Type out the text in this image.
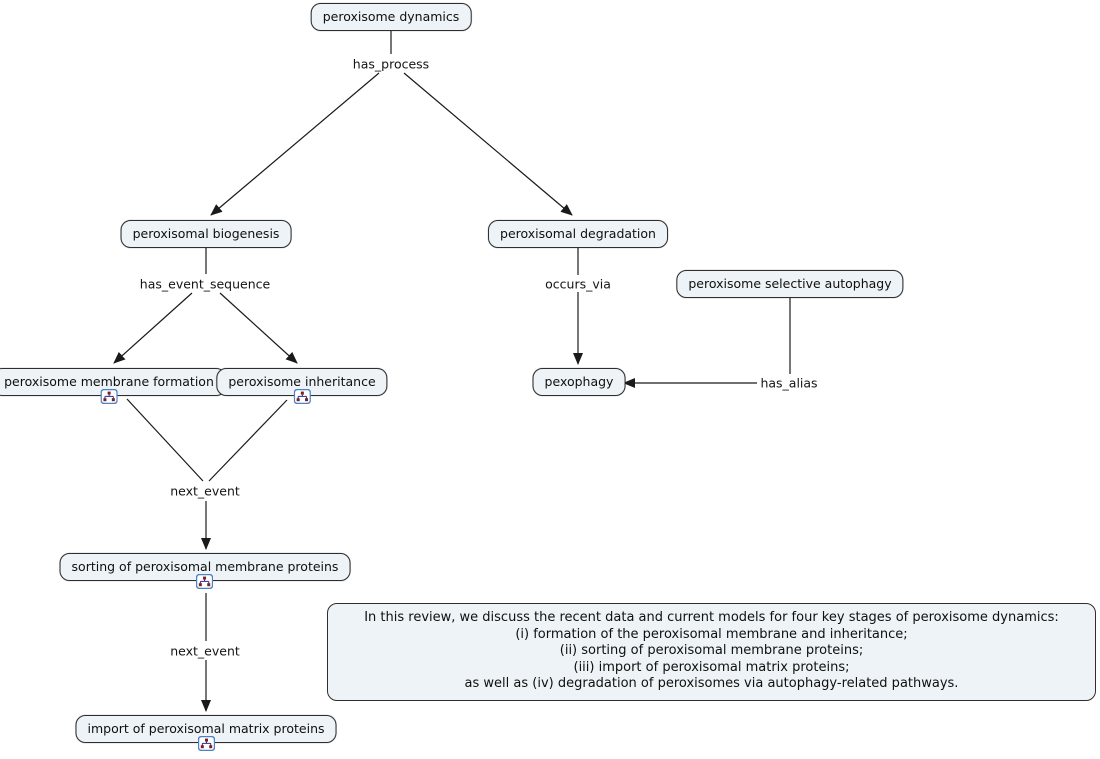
peroxisome dynamics
peroxisomal biogenesis	peroxisomal degradation
peroxisome selective autophagy
peroxisome membrane formation	peroxisome inheritance	pexophagy
sorting of peroxisomal membrane proteins
import of peroxisomal matrix proteins
has_process
has_event_sequence	occurs_via
next_event
next_event
has_alias
In this review, we discuss the recent data and current models for four key stages of peroxisome dynamics:
(i) formation of the peroxisomal membrane and inheritance;
(ii) sorting of peroxisomal membrane proteins;
(iii) import of peroxisomal matrix proteins;
as well as (iv) degradation of peroxisomes via autophagy-related pathways.
